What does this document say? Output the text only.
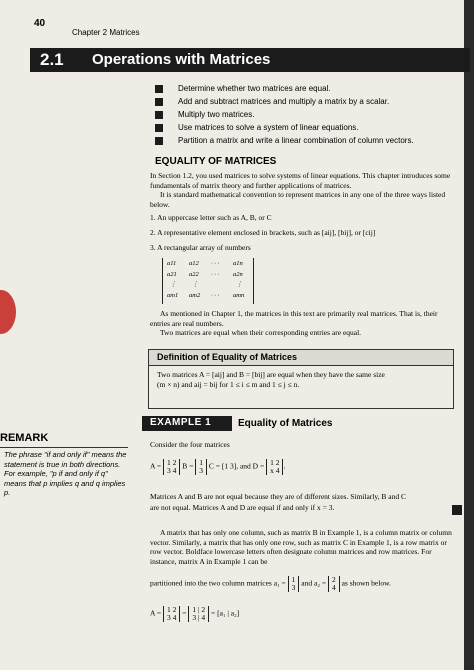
40
Chapter 2 Matrices
2.1 Operations with Matrices
Determine whether two matrices are equal.
Add and subtract matrices and multiply a matrix by a scalar.
Multiply two matrices.
Use matrices to solve a system of linear equations.
Partition a matrix and write a linear combination of column vectors.
EQUALITY OF MATRICES
In Section 1.2, you used matrices to solve systems of linear equations. This chapter introduces some fundamentals of matrix theory and further applications of matrices.
It is standard mathematical convention to represent matrices in any one of the three ways listed below.
1. An uppercase letter such as A, B, or C
2. A representative element enclosed in brackets, such as [aij], [bij], or [cij]
3. A rectangular array of numbers
a11 a12 · · · a1n
a21 a22 · · · a2n
⋮ ⋮	⋮
am1 am2 · · · amn
As mentioned in Chapter 1, the matrices in this text are primarily real matrices. That is, their entries are real numbers.
Two matrices are equal when their corresponding entries are equal.
Definition of Equality of Matrices
Two matrices A = [aij] and B = [bij] are equal when they have the same size
(m × n) and aij = bij for 1 ≤ i ≤ m and 1 ≤ j ≤ n.
EXAMPLE 1	Equality of Matrices
REMARK
The phrase "if and only if" means the statement is true in both directions. For example, "p if and only if q" means that p implies q and q implies p.
Consider the four matrices
A = 1 2
3 4 B = 1
3 C = [1 3], and D = 1 2
x 4 .
Matrices A and B are not equal because they are of different sizes. Similarly, B and C
are not equal. Matrices A and D are equal if and only if x = 3.
A matrix that has only one column, such as matrix B in Example 1, is a column matrix or column vector. Similarly, a matrix that has only one row, such as matrix C in Example 1, is a row matrix or row vector. Boldface lowercase letters often designate column matrices and row matrices. For instance, matrix A in Example 1 can be
partitioned into the two column matrices a₁ = 1
3 and a₂ = 2
4 as shown below.
A = 1 2
3 4 = 1 | 2
3 | 4 = [a₁ | a₂]
